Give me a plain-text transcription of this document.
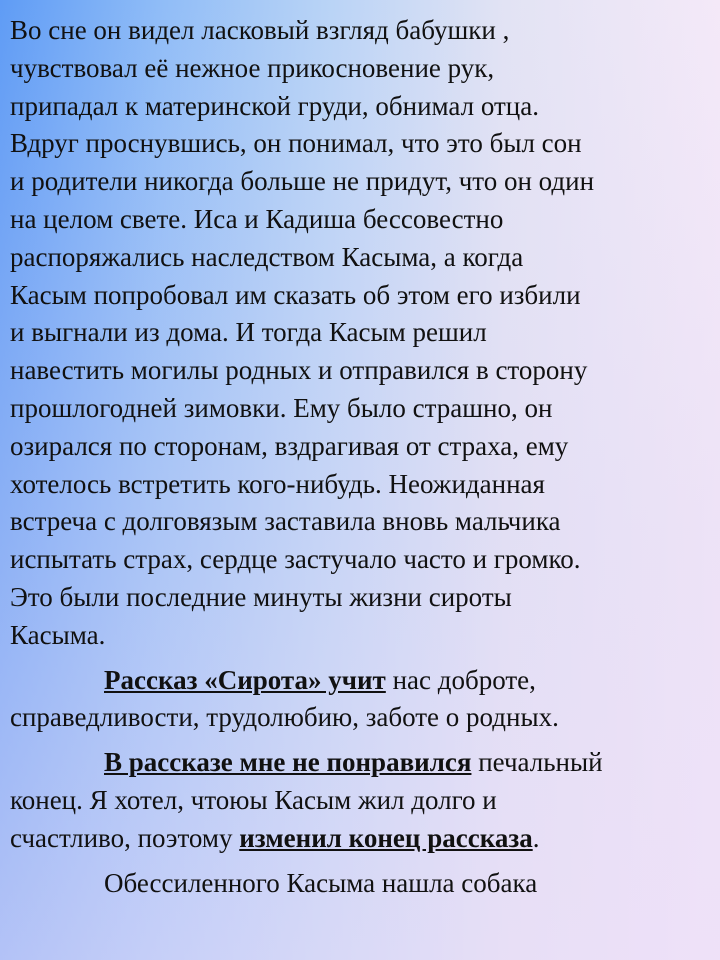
Во сне он видел ласковый взгляд бабушки ,
чувствовал её нежное прикосновение рук,
припадал к материнской груди, обнимал отца.
Вдруг проснувшись, он понимал, что это был сон
и родители никогда больше не придут, что он один
на целом свете. Иса и Кадиша бессовестно
распоряжались наследством Касыма, а когда
Касым попробовал им сказать об этом его избили
и выгнали из дома. И тогда Касым решил
навестить могилы родных и отправился в сторону
прошлогодней зимовки. Ему было страшно, он
озирался по сторонам, вздрагивая от страха, ему
хотелось встретить кого-нибудь. Неожиданная
встреча с долговязым заставила вновь мальчика
испытать страх, сердце застучало часто и громко.
Это были последние минуты жизни сироты
Касыма.

Рассказ «Сирота» учит нас доброте,
справедливости, трудолюбию, заботе о родных.

В рассказе мне не понравился печальный
конец. Я хотел, чтоюы Касым жил долго и
счастливо, поэтому изменил конец рассказа.

Обессиленного Касыма нашла собака
